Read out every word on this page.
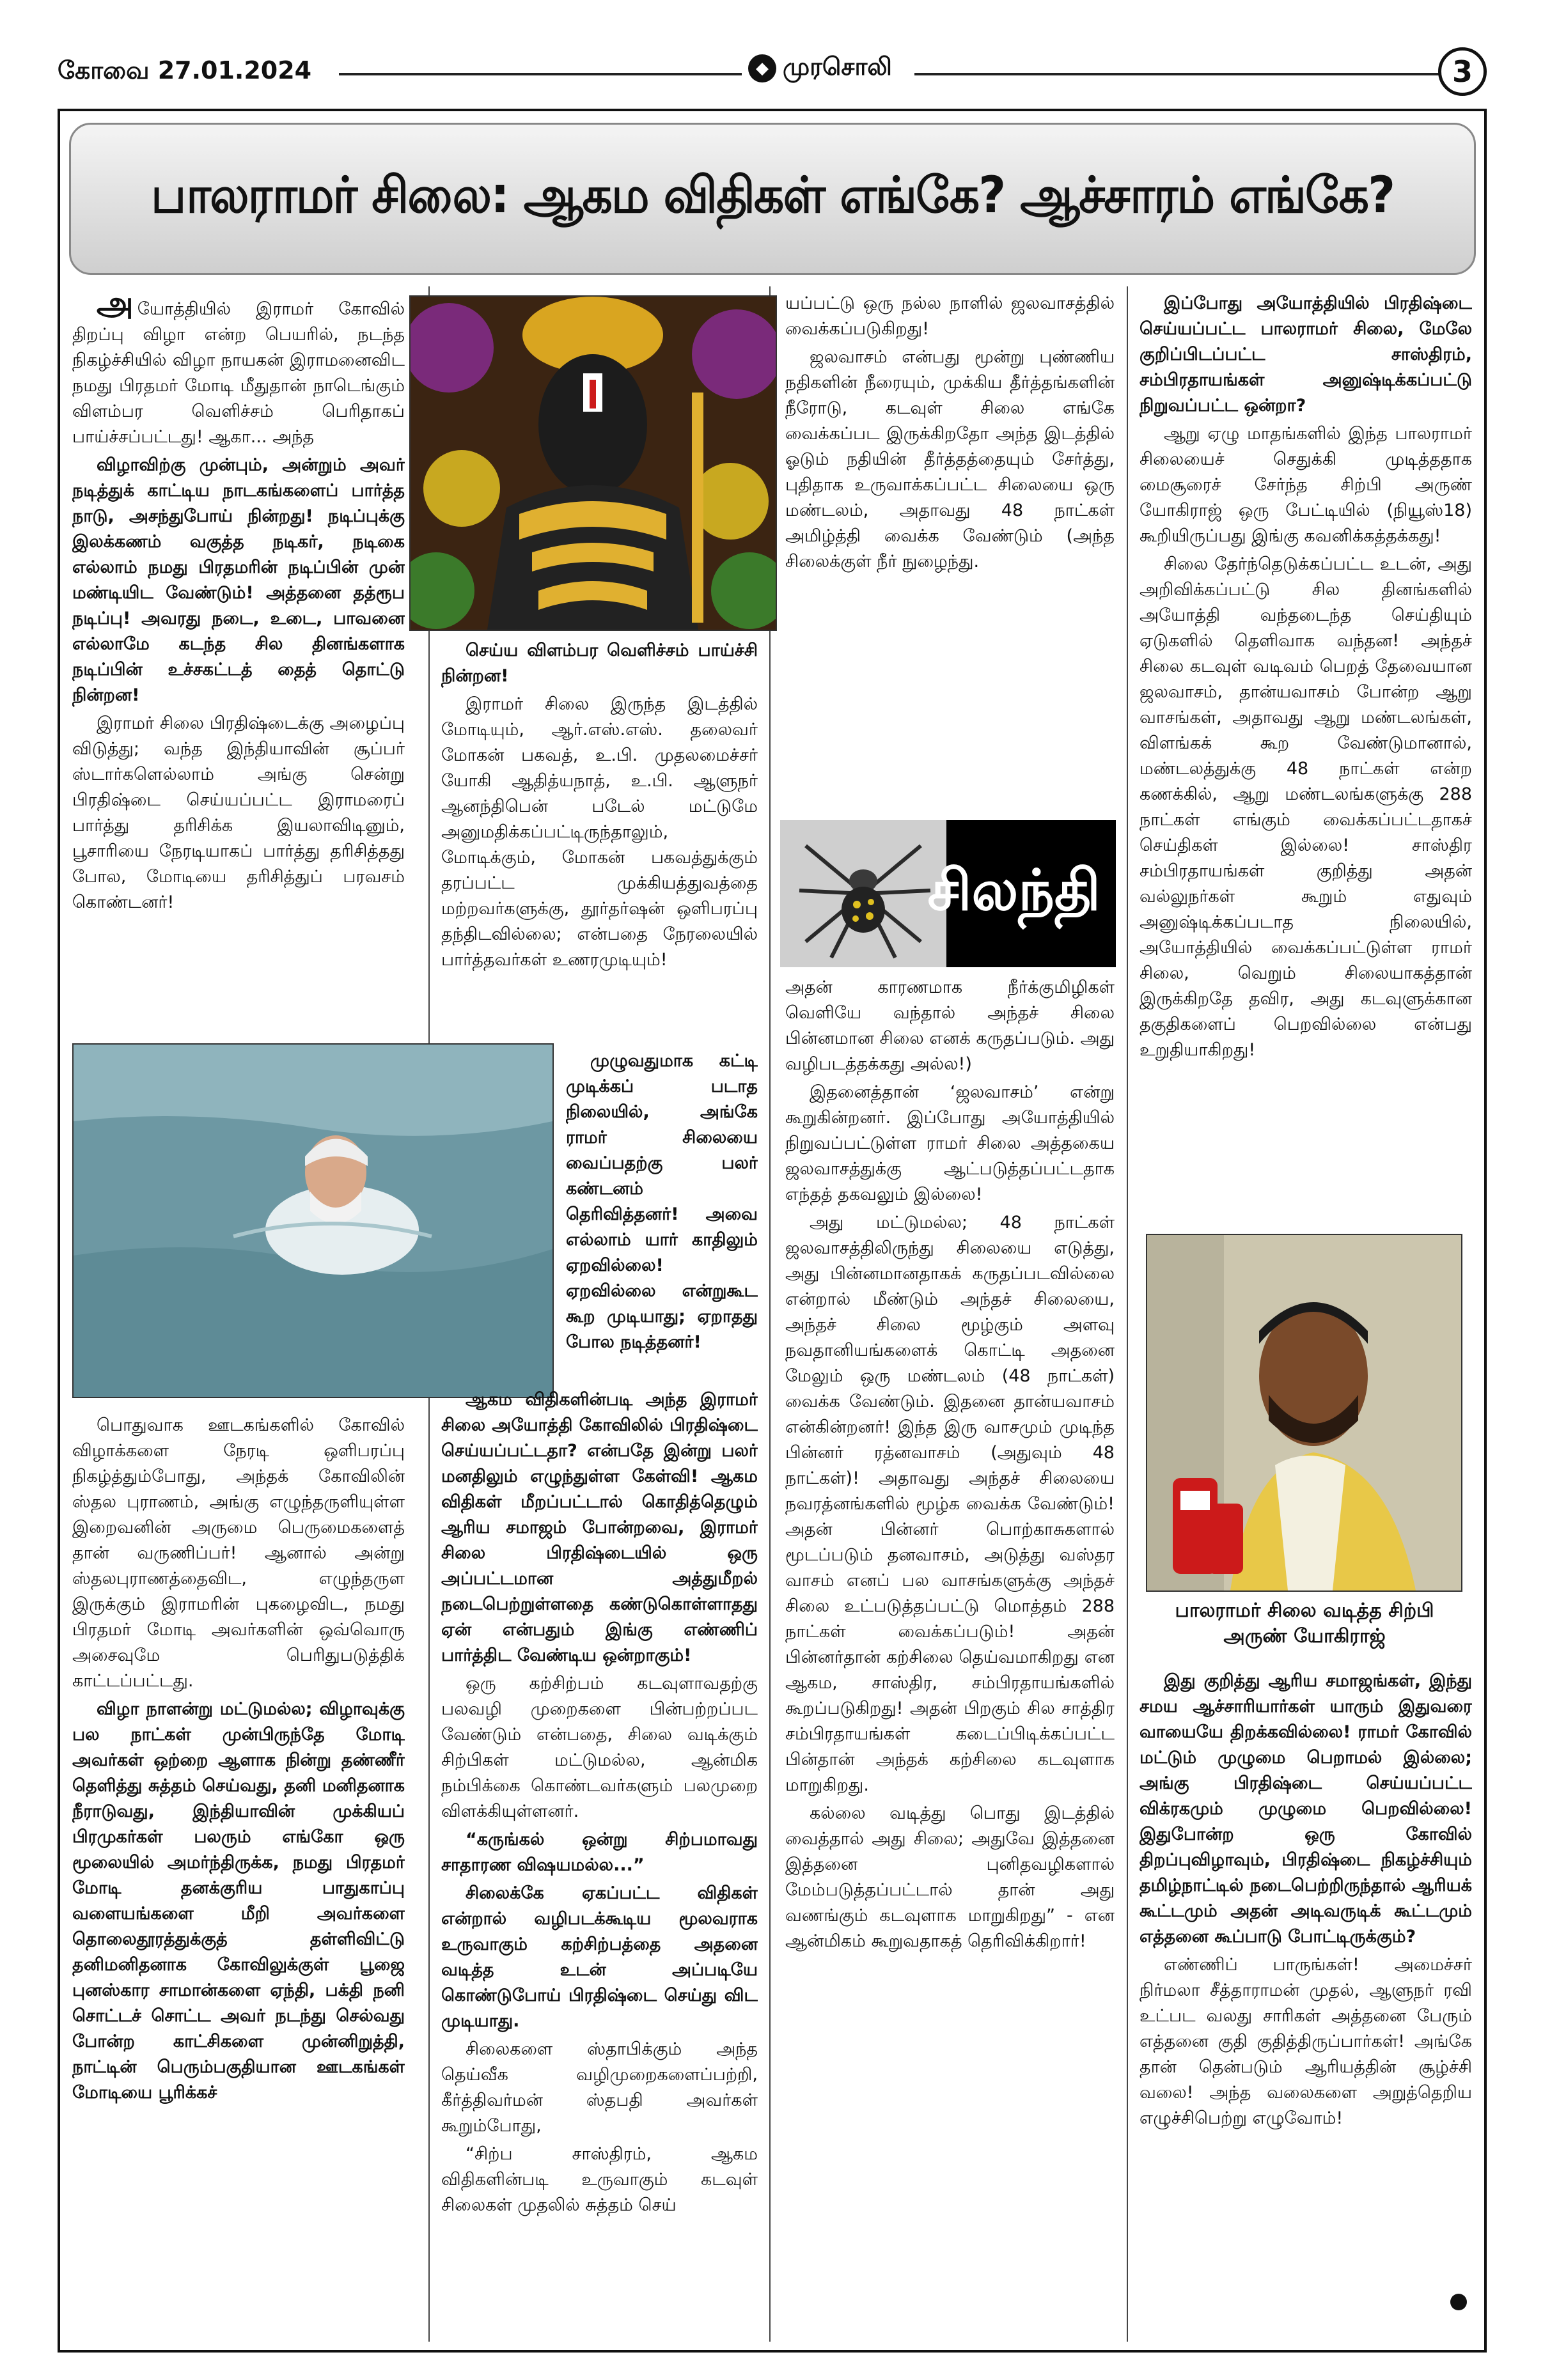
கோவை 27.01.2024	◆ முரசொலி	3
பாலராமர் சிலை: ஆகம விதிகள் எங்கே? ஆச்சாரம் எங்கே?
சிலந்தி
பாலராமர் சிலை வடித்த சிற்பி
அருண் யோகிராஜ்

அயோத்தியில் இராமர் கோவில் திறப்பு விழா என்ற பெயரில், நடந்த நிகழ்ச்சியில் விழா நாயகன் இராமனைவிட நமது பிரதமர் மோடி மீதுதான் நாடெங்கும் விளம்பர வெளிச்சம் பெரிதாகப் பாய்ச்சப்பட்டது! ஆகா... அந்த

விழாவிற்கு முன்பும், அன்றும் அவர் நடித்துக் காட்டிய நாடகங்களைப் பார்த்த நாடு, அசந்துபோய் நின்றது! நடிப்புக்கு இலக்கணம் வகுத்த நடிகர், நடிகை எல்லாம் நமது பிரதமரின் நடிப்பின் முன் மண்டியிட வேண்டும்! அத்தனை தத்ரூப நடிப்பு! அவரது நடை, உடை, பாவனை எல்லாமே கடந்த சில தினங்களாக நடிப்பின் உச்சகட்டத் தைத் தொட்டு நின்றன!

இராமர் சிலை பிரதிஷ்டைக்கு அழைப்பு விடுத்து; வந்த இந்தியாவின் சூப்பர் ஸ்டார்களெல்லாம் அங்கு சென்று பிரதிஷ்டை செய்யப்பட்ட இராமரைப் பார்த்து தரிசிக்க இயலாவிடினும், பூசாரியை நேரடியாகப் பார்த்து தரிசித்தது போல, மோடியை தரிசித்துப் பரவசம் கொண்டனர்!

பொதுவாக ஊடகங்களில் கோவில் விழாக்களை நேரடி ஒளிபரப்பு நிகழ்த்தும்போது, அந்தக் கோவிலின் ஸ்தல புராணம், அங்கு எழுந்தருளியுள்ள இறைவனின் அருமை பெருமைகளைத் தான் வருணிப்பர்! ஆனால் அன்று ஸ்தலபுராணத்தைவிட, எழுந்தருள இருக்கும் இராமரின் புகழைவிட, நமது பிரதமர் மோடி அவர்களின் ஒவ்வொரு அசைவுமே பெரிதுபடுத்திக் காட்டப்பட்டது.

விழா நாளன்று மட்டுமல்ல; விழாவுக்கு பல நாட்கள் முன்பிருந்தே மோடி அவர்கள் ஒற்றை ஆளாக நின்று தண்ணீர் தெளித்து சுத்தம் செய்வது, தனி மனிதனாக நீராடுவது, இந்தியாவின் முக்கியப் பிரமுகர்கள் பலரும் எங்கோ ஒரு மூலையில் அமர்ந்திருக்க, நமது பிரதமர் மோடி தனக்குரிய பாதுகாப்பு வளையங்களை மீறி அவர்களை தொலைதூரத்துக்குத் தள்ளிவிட்டு தனிமனிதனாக கோவிலுக்குள் பூஜை புனஸ்கார சாமான்களை ஏந்தி, பக்தி நனி சொட்டச் சொட்ட அவர் நடந்து செல்வது போன்ற காட்சிகளை முன்னிறுத்தி, நாட்டின் பெரும்பகுதியான ஊடகங்கள் மோடியை பூரிக்கச்

செய்ய விளம்பர வெளிச்சம் பாய்ச்சி நின்றன!

இராமர் சிலை இருந்த இடத்தில் மோடியும், ஆர்.எஸ்.எஸ். தலைவர் மோகன் பகவத், உ.பி. முதலமைச்சர் யோகி ஆதித்யநாத், உ.பி. ஆளுநர் ஆனந்திபென் படேல் மட்டுமே அனுமதிக்கப்பட்டிருந்தாலும், மோடிக்கும், மோகன் பகவத்துக்கும் தரப்பட்ட முக்கியத்துவத்தை மற்றவர்களுக்கு, தூர்தர்ஷன் ஒளிபரப்பு தந்திடவில்லை; என்பதை நேரலையில் பார்த்தவர்கள் உணரமுடியும்!

முழுவதுமாக கட்டி முடிக்கப் படாத நிலையில், அங்கே ராமர் சிலையை வைப்பதற்கு பலர் கண்டனம் தெரிவித்தனர்! அவை எல்லாம் யார் காதிலும் ஏறவில்லை! ஏறவில்லை என்றுகூட கூற முடியாது; ஏறாதது போல நடித்தனர்!

ஆகம விதிகளின்படி அந்த இராமர் சிலை அயோத்தி கோவிலில் பிரதிஷ்டை செய்யப்பட்டதா? என்பதே இன்று பலர் மனதிலும் எழுந்துள்ள கேள்வி! ஆகம விதிகள் மீறப்பட்டால் கொதித்தெழும் ஆரிய சமாஜம் போன்றவை, இராமர் சிலை பிரதிஷ்டையில் ஒரு அப்பட்டமான அத்துமீறல் நடைபெற்றுள்ளதை கண்டுகொள்ளாதது ஏன் என்பதும் இங்கு எண்ணிப் பார்த்திட வேண்டிய ஒன்றாகும்!

ஒரு கற்சிற்பம் கடவுளாவதற்கு பலவழி முறைகளை பின்பற்றப்பட வேண்டும் என்பதை, சிலை வடிக்கும் சிற்பிகள் மட்டுமல்ல, ஆன்மிக நம்பிக்கை கொண்டவர்களும் பலமுறை விளக்கியுள்ளனர்.

“கருங்கல் ஒன்று சிற்பமாவது சாதாரண விஷயமல்ல...”

சிலைக்கே ஏகப்பட்ட விதிகள் என்றால் வழிபடக்கூடிய மூலவராக உருவாகும் கற்சிற்பத்தை அதனை வடித்த உடன் அப்படியே கொண்டுபோய் பிரதிஷ்டை செய்து விட முடியாது.

சிலைகளை ஸ்தாபிக்கும் அந்த தெய்வீக வழிமுறைகளைப்பற்றி, கீர்த்திவர்மன் ஸ்தபதி அவர்கள் கூறும்போது,

“சிற்ப சாஸ்திரம், ஆகம விதிகளின்படி உருவாகும் கடவுள் சிலைகள் முதலில் சுத்தம் செய்

யப்பட்டு ஒரு நல்ல நாளில் ஜலவாசத்தில் வைக்கப்படுகிறது!

ஜலவாசம் என்பது மூன்று புண்ணிய நதிகளின் நீரையும், முக்கிய தீர்த்தங்களின் நீரோடு, கடவுள் சிலை எங்கே வைக்கப்பட இருக்கிறதோ அந்த இடத்தில் ஓடும் நதியின் தீர்த்தத்தையும் சேர்த்து, புதிதாக உருவாக்கப்பட்ட சிலையை ஒரு மண்டலம், அதாவது 48 நாட்கள் அமிழ்த்தி வைக்க வேண்டும் (அந்த சிலைக்குள் நீர் நுழைந்து.

அதன் காரணமாக நீர்க்குமிழிகள் வெளியே வந்தால் அந்தச் சிலை பின்னமான சிலை எனக் கருதப்படும். அது வழிபடத்தக்கது அல்ல!)

இதனைத்தான் ‘ஜலவாசம்’ என்று கூறுகின்றனர். இப்போது அயோத்தியில் நிறுவப்பட்டுள்ள ராமர் சிலை அத்தகைய ஜலவாசத்துக்கு ஆட்படுத்தப்பட்டதாக எந்தத் தகவலும் இல்லை!

அது மட்டுமல்ல; 48 நாட்கள் ஜலவாசத்திலிருந்து சிலையை எடுத்து, அது பின்னமானதாகக் கருதப்படவில்லை என்றால் மீண்டும் அந்தச் சிலையை, அந்தச் சிலை மூழ்கும் அளவு நவதானியங்களைக் கொட்டி அதனை மேலும் ஒரு மண்டலம் (48 நாட்கள்) வைக்க வேண்டும். இதனை தான்யவாசம் என்கின்றனர்! இந்த இரு வாசமும் முடிந்த பின்னர் ரத்னவாசம் (அதுவும் 48 நாட்கள்)! அதாவது அந்தச் சிலையை நவரத்னங்களில் மூழ்க வைக்க வேண்டும்! அதன் பின்னர் பொற்காசுகளால் மூடப்படும் தனவாசம், அடுத்து வஸ்தர வாசம் எனப் பல வாசங்களுக்கு அந்தச் சிலை உட்படுத்தப்பட்டு மொத்தம் 288 நாட்கள் வைக்கப்படும்! அதன் பின்னர்தான் கற்சிலை தெய்வமாகிறது என ஆகம, சாஸ்திர, சம்பிரதாயங்களில் கூறப்படுகிறது! அதன் பிறகும் சில சாத்திர சம்பிரதாயங்கள் கடைப்பிடிக்கப்பட்ட பின்தான் அந்தக் கற்சிலை கடவுளாக மாறுகிறது.

கல்லை வடித்து பொது இடத்தில் வைத்தால் அது சிலை; அதுவே இத்தனை இத்தனை புனிதவழிகளால் மேம்படுத்தப்பட்டால் தான் அது வணங்கும் கடவுளாக மாறுகிறது” - என ஆன்மிகம் கூறுவதாகத் தெரிவிக்கிறார்!

இப்போது அயோத்தியில் பிரதிஷ்டை செய்யப்பட்ட பாலராமர் சிலை, மேலே குறிப்பிடப்பட்ட சாஸ்திரம், சம்பிரதாயங்கள் அனுஷ்டிக்கப்பட்டு நிறுவப்பட்ட ஒன்றா?

ஆறு ஏழு மாதங்களில் இந்த பாலராமர் சிலையைச் செதுக்கி முடித்ததாக மைசூரைச் சேர்ந்த சிற்பி அருண் யோகிராஜ் ஒரு பேட்டியில் (நியூஸ்18) கூறியிருப்பது இங்கு கவனிக்கத்தக்கது!

சிலை தேர்ந்தெடுக்கப்பட்ட உடன், அது அறிவிக்கப்பட்டு சில தினங்களில் அயோத்தி வந்தடைந்த செய்தியும் ஏடுகளில் தெளிவாக வந்தன! அந்தச் சிலை கடவுள் வடிவம் பெறத் தேவையான ஜலவாசம், தான்யவாசம் போன்ற ஆறு வாசங்கள், அதாவது ஆறு மண்டலங்கள், விளங்கக் கூற வேண்டுமானால், மண்டலத்துக்கு 48 நாட்கள் என்ற கணக்கில், ஆறு மண்டலங்களுக்கு 288 நாட்கள் எங்கும் வைக்கப்பட்டதாகச் செய்திகள் இல்லை! சாஸ்திர சம்பிரதாயங்கள் குறித்து அதன் வல்லுநர்கள் கூறும் எதுவும் அனுஷ்டிக்கப்படாத நிலையில், அயோத்தியில் வைக்கப்பட்டுள்ள ராமர் சிலை, வெறும் சிலையாகத்தான் இருக்கிறதே தவிர, அது கடவுளுக்கான தகுதிகளைப் பெறவில்லை என்பது உறுதியாகிறது!

இது குறித்து ஆரிய சமாஜங்கள், இந்து சமய ஆச்சாரியார்கள் யாரும் இதுவரை வாயையே திறக்கவில்லை! ராமர் கோவில் மட்டும் முழுமை பெறாமல் இல்லை; அங்கு பிரதிஷ்டை செய்யப்பட்ட விக்ரகமும் முழுமை பெறவில்லை! இதுபோன்ற ஒரு கோவில் திறப்புவிழாவும், பிரதிஷ்டை நிகழ்ச்சியும் தமிழ்நாட்டில் நடைபெற்றிருந்தால் ஆரியக் கூட்டமும் அதன் அடிவருடிக் கூட்டமும் எத்தனை கூப்பாடு போட்டிருக்கும்?

எண்ணிப் பாருங்கள்! அமைச்சர் நிர்மலா சீத்தாராமன் முதல், ஆளுநர் ரவி உட்பட வலது சாரிகள் அத்தனை பேரும் எத்தனை குதி குதித்திருப்பார்கள்! அங்கே தான் தென்படும் ஆரியத்தின் சூழ்ச்சி வலை! அந்த வலைகளை அறுத்தெறிய எழுச்சிபெற்று எழுவோம்!
